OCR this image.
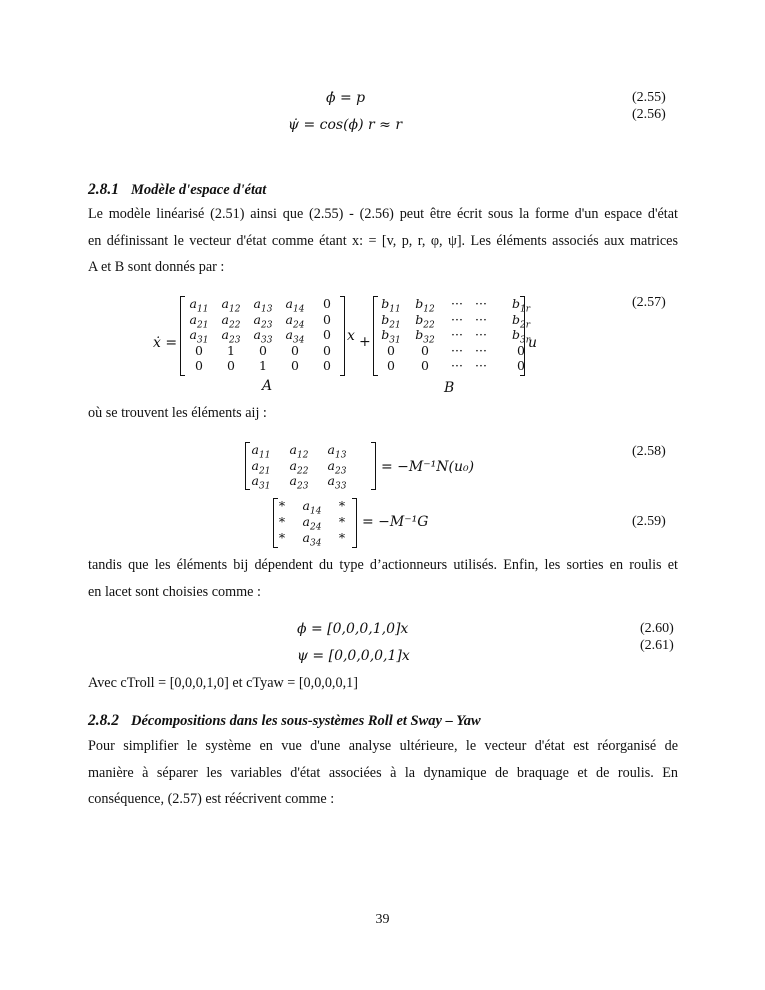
ϕ̇ = p	(2.55)
ψ̇ = cos(ϕ) r ≈ r
(2.56)
2.8.1 Modèle d'espace d'état
Le modèle linéarisé (2.51) ainsi que (2.55) - (2.56) peut être écrit sous la forme d'un espace d'état
en définissant le vecteur d'état comme étant x: = [v, p, r, φ, ψ]. Les éléments associés aux matrices
A et B sont donnés par :
ẋ =
$a_{11}$	$a_{12}$	$a_{13}$	$a_{14}$	0
$a_{21}$	$a_{22}$	$a_{23}$	$a_{24}$	0
$a_{31}$	$a_{23}$	$a_{33}$	$a_{34}$	0
0	1	0	0	0
0	0	1	0	0
A
x +
$b_{11}$	$b_{12}$	··· ···	$b_{1r}$
$b_{21}$	$b_{22}$	··· ···	$b_{2r}$
$b_{31}$	$b_{32}$	··· ···	$b_{3r}$
0	0	··· ···	0
0	0	··· ···	0
B
u
(2.57)
où se trouvent les éléments aij :
$a_{11}$	$a_{12}$	$a_{13}$
$a_{21}$	$a_{22}$	$a_{23}$
$a_{31}$	$a_{23}$	$a_{33}$
= −M⁻¹N(u₀)
(2.58)
*	$a_{14}$	*
*	$a_{24}$	*
*	$a_{34}$	*
= −M⁻¹G	(2.59)
tandis que les éléments bij dépendent du type d’actionneurs utilisés. Enfin, les sorties en roulis et
en lacet sont choisies comme :
ϕ = [0,0,0,1,0]x	(2.60)
ψ = [0,0,0,0,1]x
(2.61)
Avec cTroll = [0,0,0,1,0] et cTyaw = [0,0,0,0,1]
2.8.2 Décompositions dans les sous-systèmes Roll et Sway – Yaw
Pour simplifier le système en vue d'une analyse ultérieure, le vecteur d'état est réorganisé de
manière à séparer les variables d'état associées à la dynamique de braquage et de roulis. En
conséquence, (2.57) est réécrivent comme :
39
